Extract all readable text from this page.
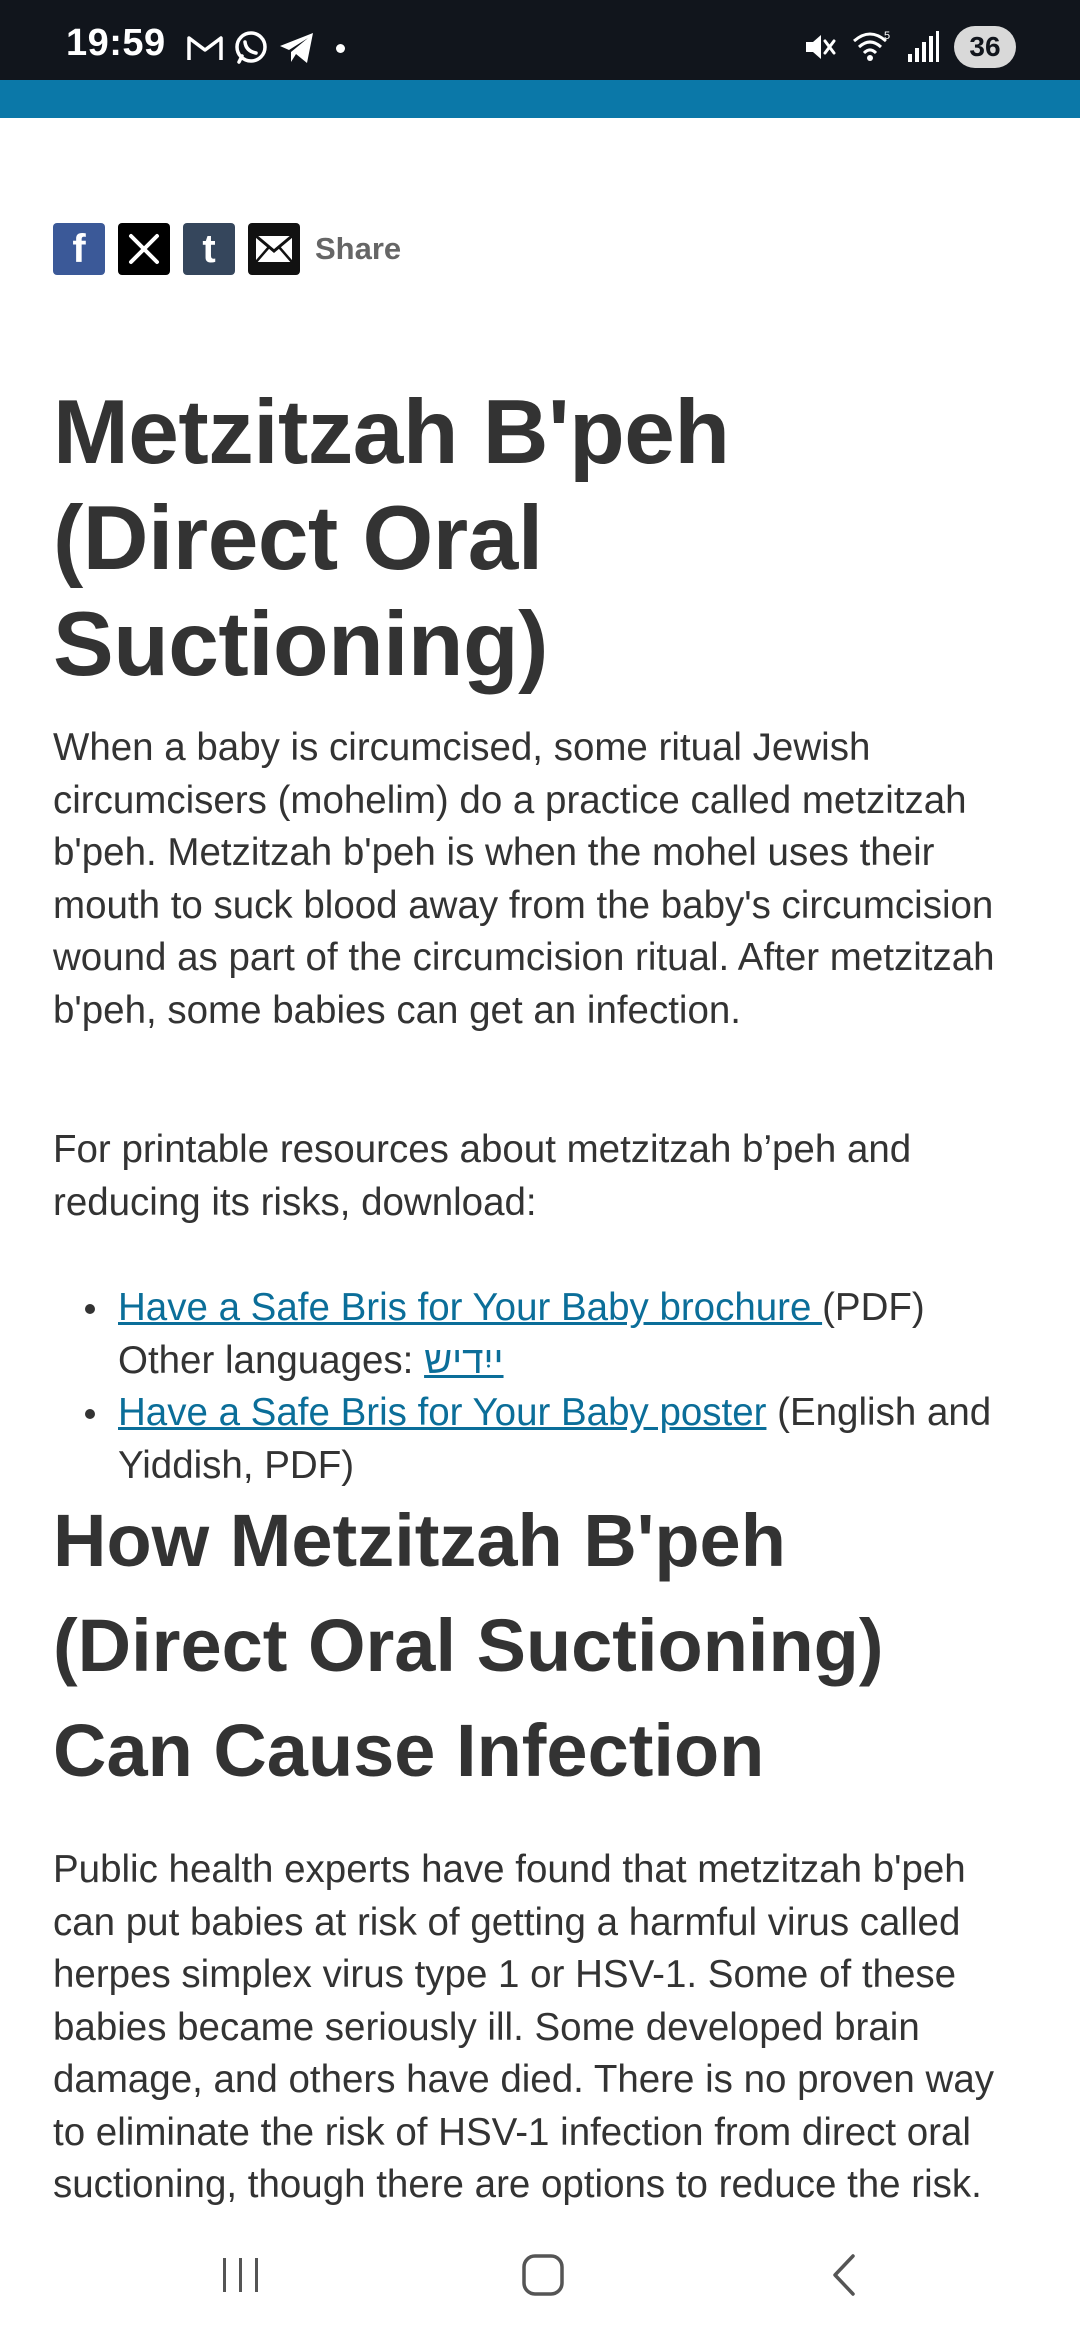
19:59	5	36
f	t	Share
Metzitzah B'peh (Direct Oral Suctioning)

When a baby is circumcised, some ritual Jewish circumcisers (mohelim) do a practice called metzitzah b'peh. Metzitzah b'peh is when the mohel uses their mouth to suck blood away from the baby's circumcision wound as part of the circumcision ritual. After metzitzah b'peh, some babies can get an infection.

For printable resources about metzitzah b’peh and reducing its risks, download:

Have a Safe Bris for Your Baby brochure (PDF)
Other languages: ייִדיש
Have a Safe Bris for Your Baby poster (English and Yiddish, PDF)
How Metzitzah B'peh (Direct Oral Suctioning) Can Cause Infection

Public health experts have found that metzitzah b'peh can put babies at risk of getting a harmful virus called herpes simplex virus type 1 or HSV-1. Some of these babies became seriously ill. Some developed brain damage, and others have died. There is no proven way to eliminate the risk of HSV-1 infection from direct oral suctioning, though there are options to reduce the risk.
